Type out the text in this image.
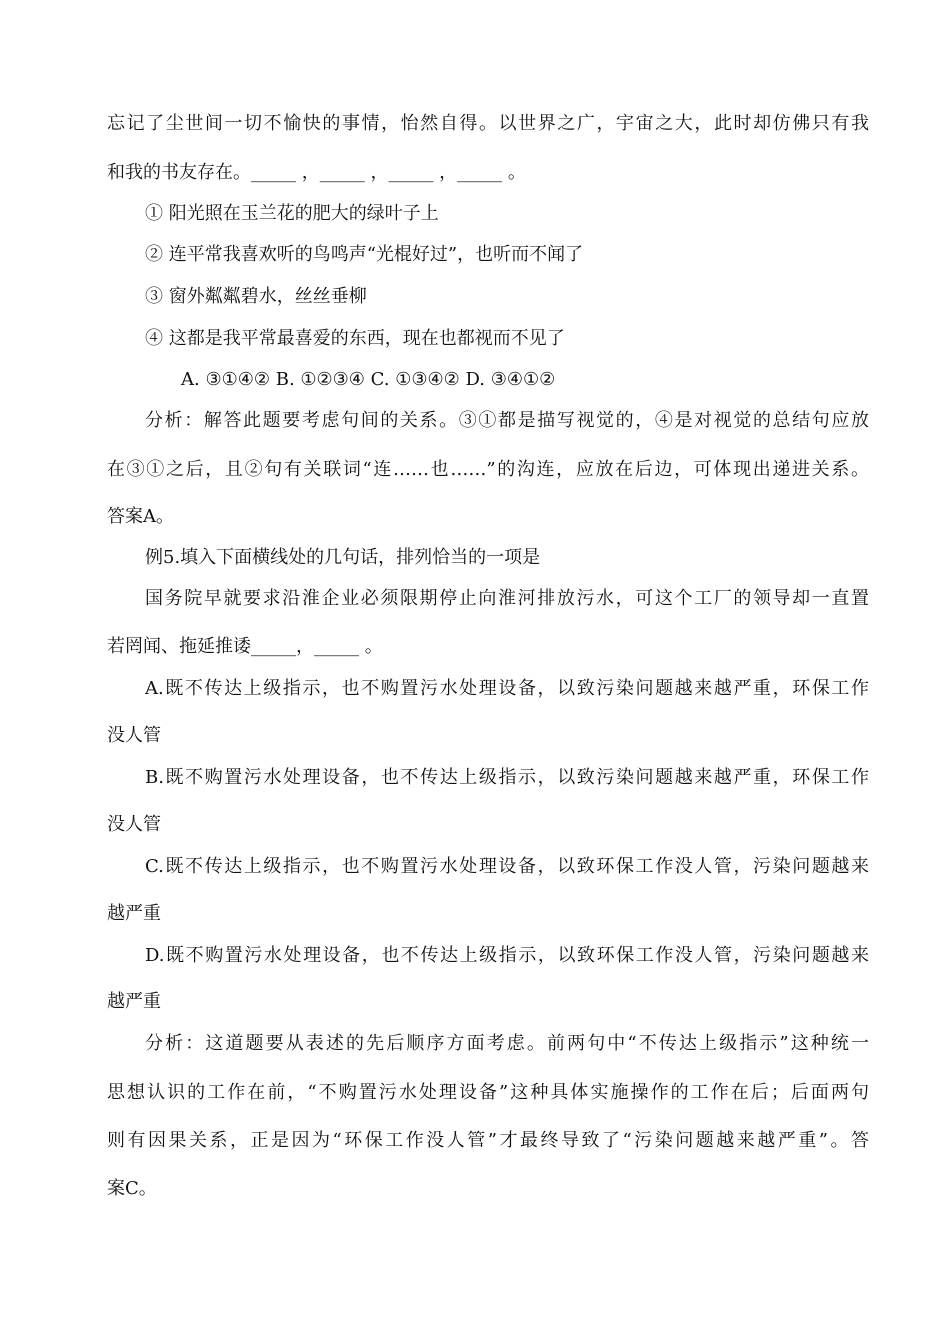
忘记了尘世间一切不愉快的事情，怡然自得。以世界之广，宇宙之大，此时却仿佛只有我
和我的书友存在。_____ ，_____ ，_____ ，_____ 。
① 阳光照在玉兰花的肥大的绿叶子上
② 连平常我喜欢听的鸟鸣声“光棍好过”，也听而不闻了
③ 窗外粼粼碧水，丝丝垂柳
④ 这都是我平常最喜爱的东西，现在也都视而不见了
A. ③①④② B. ①②③④ C. ①③④② D. ③④①②
分析：解答此题要考虑句间的关系。③①都是描写视觉的，④是对视觉的总结句应放
在③①之后，且②句有关联词“连……也……”的沟连，应放在后边，可体现出递进关系。
答案A。
例5.填入下面横线处的几句话，排列恰当的一项是
国务院早就要求沿淮企业必须限期停止向淮河排放污水，可这个工厂的领导却一直置
若罔闻、拖延推诿_____，_____ 。
A.既不传达上级指示，也不购置污水处理设备，以致污染问题越来越严重，环保工作
没人管
B.既不购置污水处理设备，也不传达上级指示，以致污染问题越来越严重，环保工作
没人管
C.既不传达上级指示，也不购置污水处理设备，以致环保工作没人管，污染问题越来
越严重
D.既不购置污水处理设备，也不传达上级指示，以致环保工作没人管，污染问题越来
越严重
分析：这道题要从表述的先后顺序方面考虑。前两句中“不传达上级指示”这种统一
思想认识的工作在前，“不购置污水处理设备”这种具体实施操作的工作在后；后面两句
则有因果关系，正是因为“环保工作没人管”才最终导致了“污染问题越来越严重”。答
案C。
